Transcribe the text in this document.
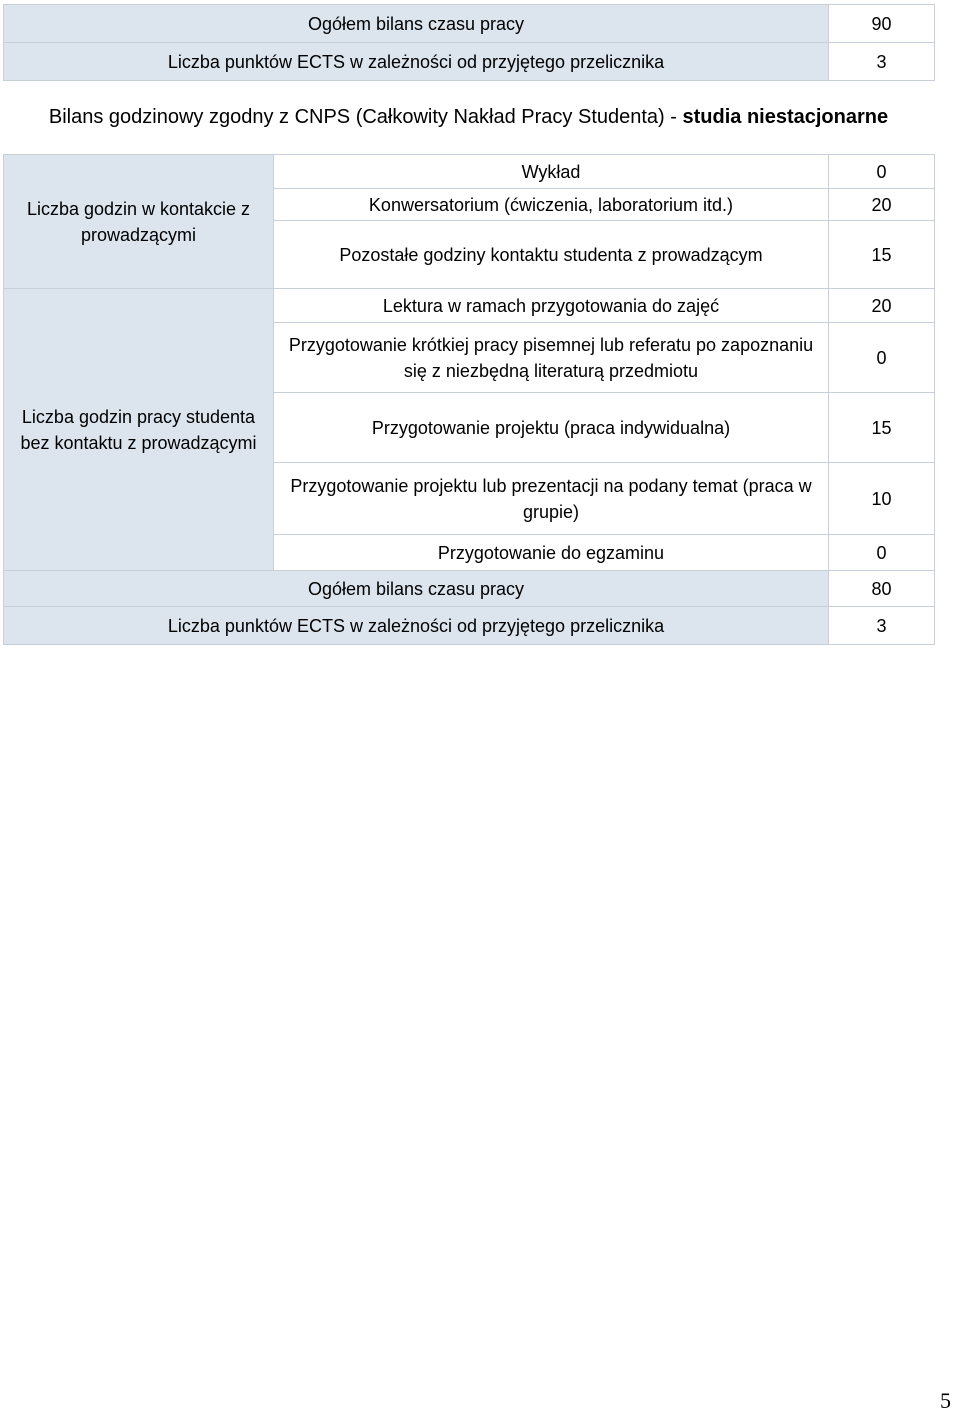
Ogółem bilans czasu pracy	90
Liczba punktów ECTS w zależności od przyjętego przelicznika	3
Bilans godzinowy zgodny z CNPS (Całkowity Nakład Pracy Studenta) - studia niestacjonarne
Liczba godzin w kontakcie z prowadzącymi	Wykład	0
	Konwersatorium (ćwiczenia, laboratorium itd.)	20
	Pozostałe godziny kontaktu studenta z prowadzącym	15

Liczba godzin pracy studenta bez kontaktu z prowadzącymi	Lektura w ramach przygotowania do zajęć	20
	Przygotowanie krótkiej pracy pisemnej lub referatu po zapoznaniu się z niezbędną literaturą przedmiotu	0
	Przygotowanie projektu (praca indywidualna)	15
	Przygotowanie projektu lub prezentacji na podany temat (praca w grupie)	10
	Przygotowanie do egzaminu	0
Ogółem bilans czasu pracy		80
Liczba punktów ECTS w zależności od przyjętego przelicznika		3
5
